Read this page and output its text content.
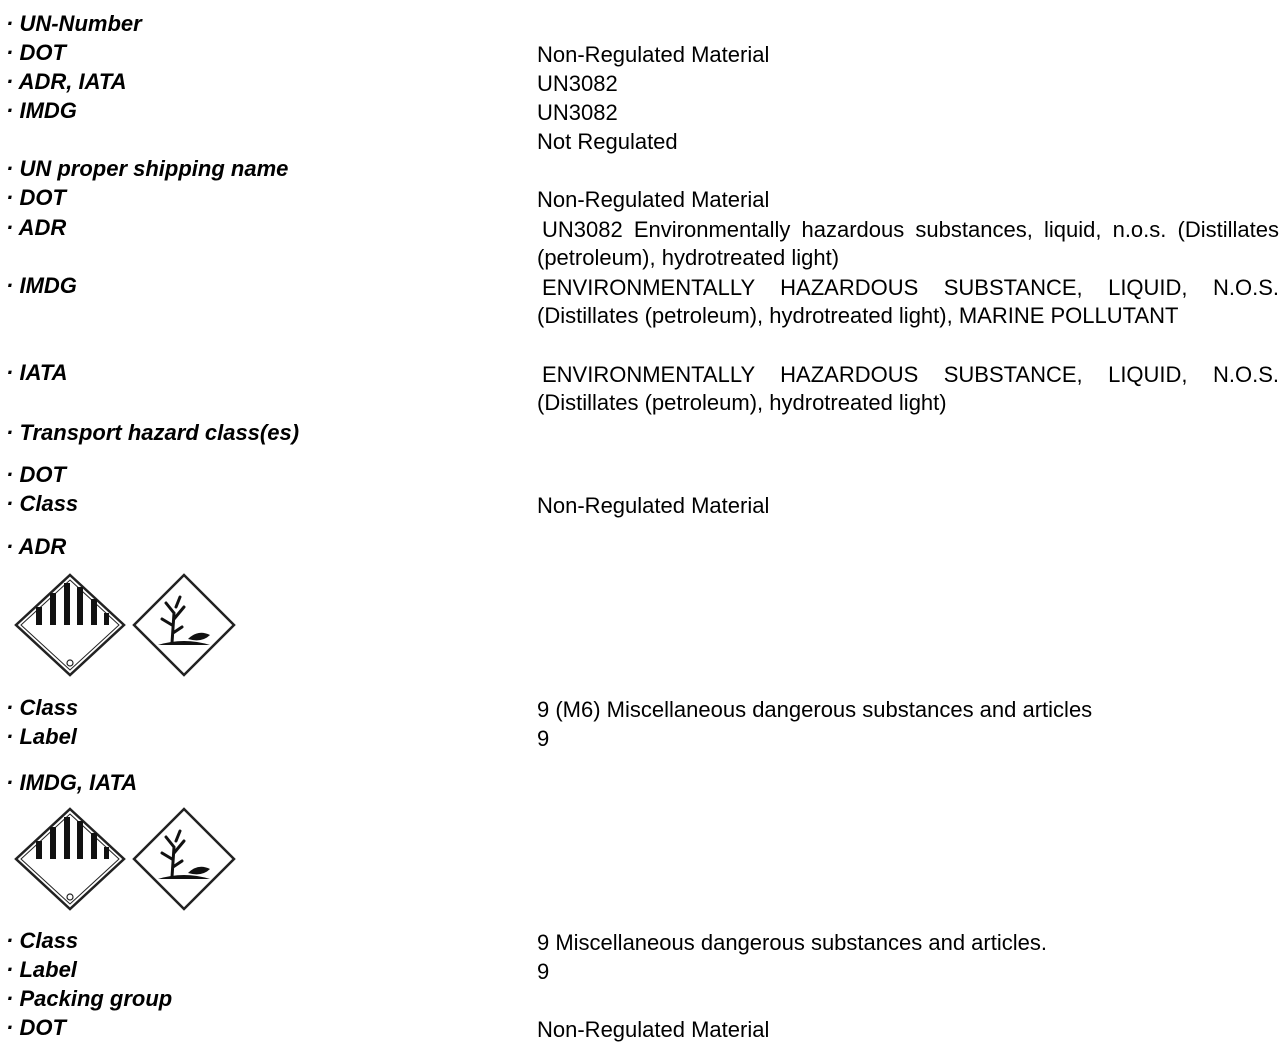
· UN-Number
· DOT
· ADR, IATA
· IMDG
· UN proper shipping name
· DOT
· ADR
· IMDG
· IATA
· Transport hazard class(es)
· DOT
· Class
· ADR
· Class
· Label
· IMDG, IATA
· Class
· Label
· Packing group
· DOT
Non-Regulated Material
UN3082
UN3082
Not Regulated
Non-Regulated Material
UN3082 Environmentally hazardous substances, liquid, n.o.s. (Distillates (petroleum), hydrotreated light)
ENVIRONMENTALLY HAZARDOUS SUBSTANCE, LIQUID, N.O.S. (Distillates (petroleum), hydrotreated light), MARINE POLLUTANT
ENVIRONMENTALLY HAZARDOUS SUBSTANCE, LIQUID, N.O.S. (Distillates (petroleum), hydrotreated light)
Non-Regulated Material
9 (M6) Miscellaneous dangerous substances and articles
9
9 Miscellaneous dangerous substances and articles.
9
Non-Regulated Material
